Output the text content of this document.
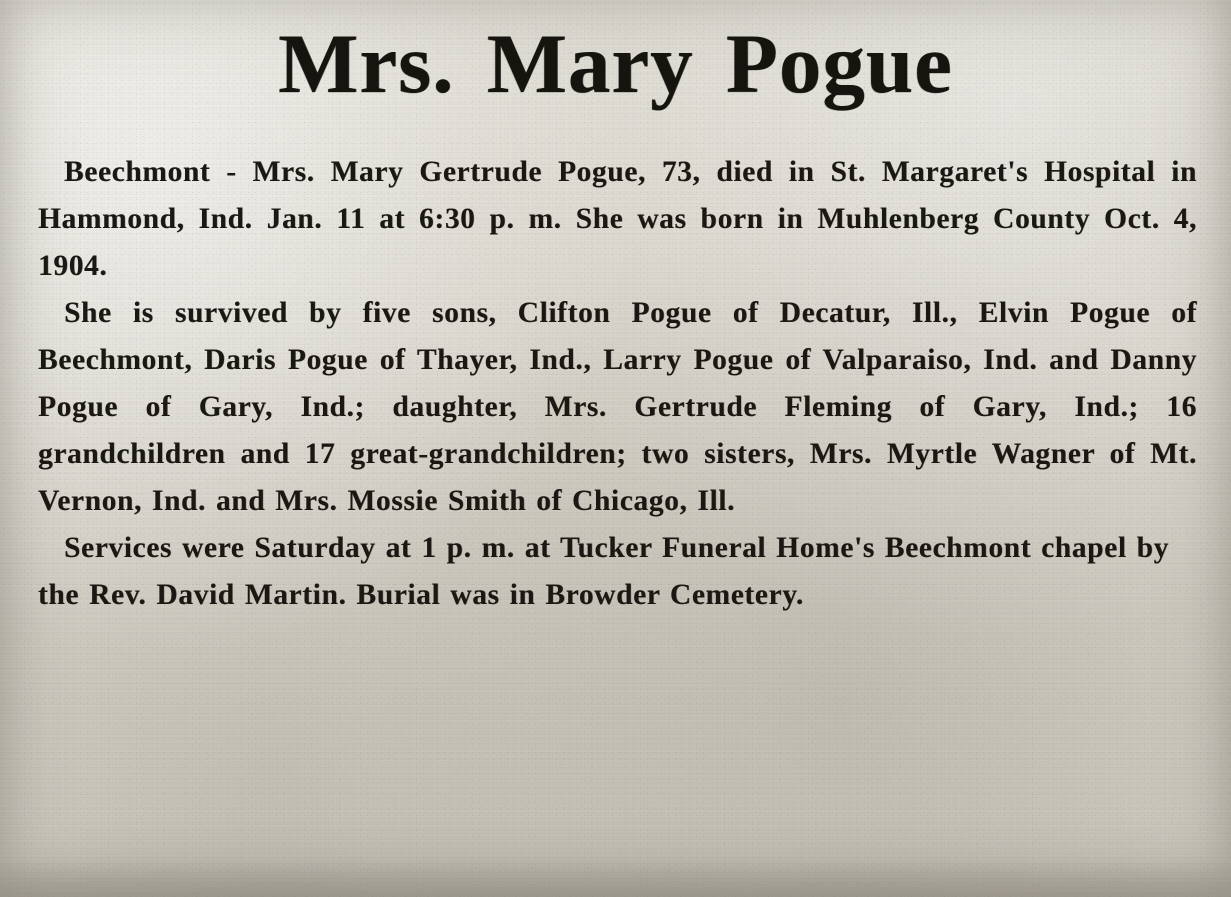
Mrs. Mary Pogue

Beechmont - Mrs. Mary Gertrude Pogue, 73, died in St. Margaret's Hospital in Hammond, Ind. Jan. 11 at 6:30 p. m. She was born in Muhlenberg County Oct. 4, 1904.

She is survived by five sons, Clifton Pogue of Decatur, Ill., Elvin Pogue of Beechmont, Daris Pogue of Thayer, Ind., Larry Pogue of Valparaiso, Ind. and Danny Pogue of Gary, Ind.; daughter, Mrs. Gertrude Fleming of Gary, Ind.; 16 grandchildren and 17 great-grandchildren; two sisters, Mrs. Myrtle Wagner of Mt. Vernon, Ind. and Mrs. Mossie Smith of Chicago, Ill.

Services were Saturday at 1 p. m. at Tucker Funeral Home's Beechmont chapel by the Rev. David Martin. Burial was in Browder Cemetery.
